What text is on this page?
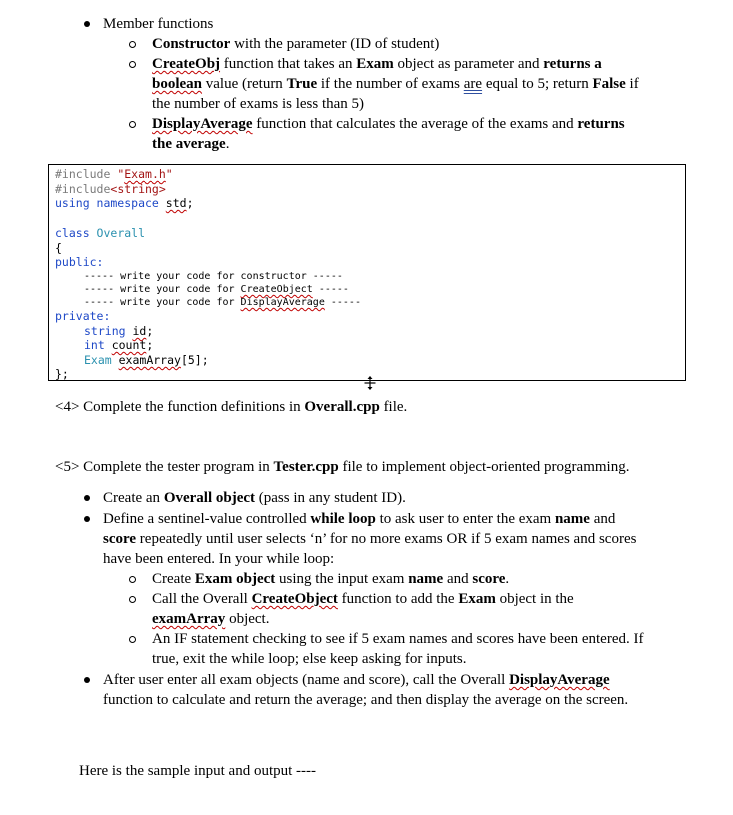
Member functions
Constructor with the parameter (ID of student)
CreateObj function that takes an Exam object as parameter and returns a
boolean value (return True if the number of exams are equal to 5; return False if
the number of exams is less than 5)
DisplayAverage function that calculates the average of the exams and returns
the average.
#include "Exam.h"
#include<string>
using namespace std;
class Overall
{
public:
----- write your code for constructor -----
----- write your code for CreateObject -----
----- write your code for DisplayAverage -----
private:
string id;
int count;
Exam examArray[5];
};
<4> Complete the function definitions in Overall.cpp file.
<5> Complete the tester program in Tester.cpp file to implement object-oriented programming.
Create an Overall object (pass in any student ID).
Define a sentinel-value controlled while loop to ask user to enter the exam name and
score repeatedly until user selects ‘n’ for no more exams OR if 5 exam names and scores
have been entered. In your while loop:
Create Exam object using the input exam name and score.
Call the Overall CreateObject function to add the Exam object in the
examArray object.
An IF statement checking to see if 5 exam names and scores have been entered. If
true, exit the while loop; else keep asking for inputs.
After user enter all exam objects (name and score), call the Overall DisplayAverage
function to calculate and return the average; and then display the average on the screen.
Here is the sample input and output ----
